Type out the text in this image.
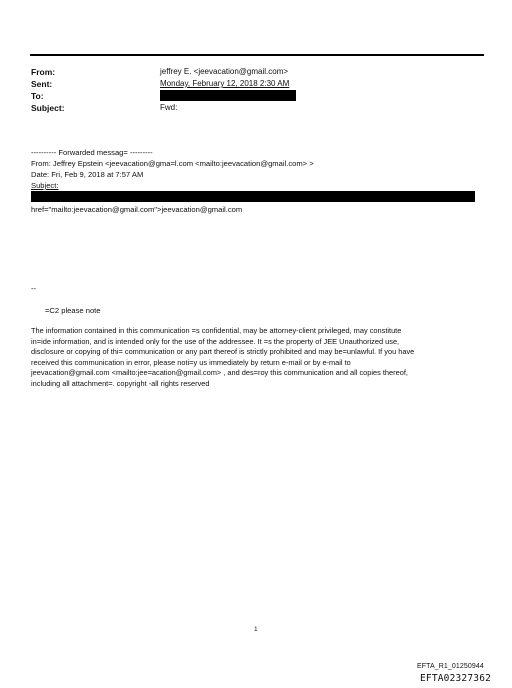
From:
Sent:
To:
Subject:
jeffrey E. <jeevacation@gmail.com>
Monday, February 12, 2018 2:30 AM
Fwd:
---------- Forwarded messag= ---------
From: Jeffrey Epstein <jeevacation@gma=l.com <mailto:jeevacation@gmail.com> >
Date: Fri, Feb 9, 2018 at 7:57 AM
Subject:
href="mailto:jeevacation@gmail.com">jeevacation@gmail.com
--
=C2 please note
The information contained in this communication =s confidential, may be attorney-client privileged, may constitute
in=ide information, and is intended only for the use of the addressee. It =s the property of JEE Unauthorized use,
disclosure or copying of thi= communication or any part thereof is strictly prohibited and may be=unlawful. If you have
received this communication in error, please noti=y us immediately by return e-mail or by e-mail to
jeevacation@gmail.com <mailto:jee=acation@gmail.com> , and des=roy this communication and all copies thereof,
including all attachment=. copyright -all rights reserved
1
EFTA_R1_01250944
EFTA02327362
